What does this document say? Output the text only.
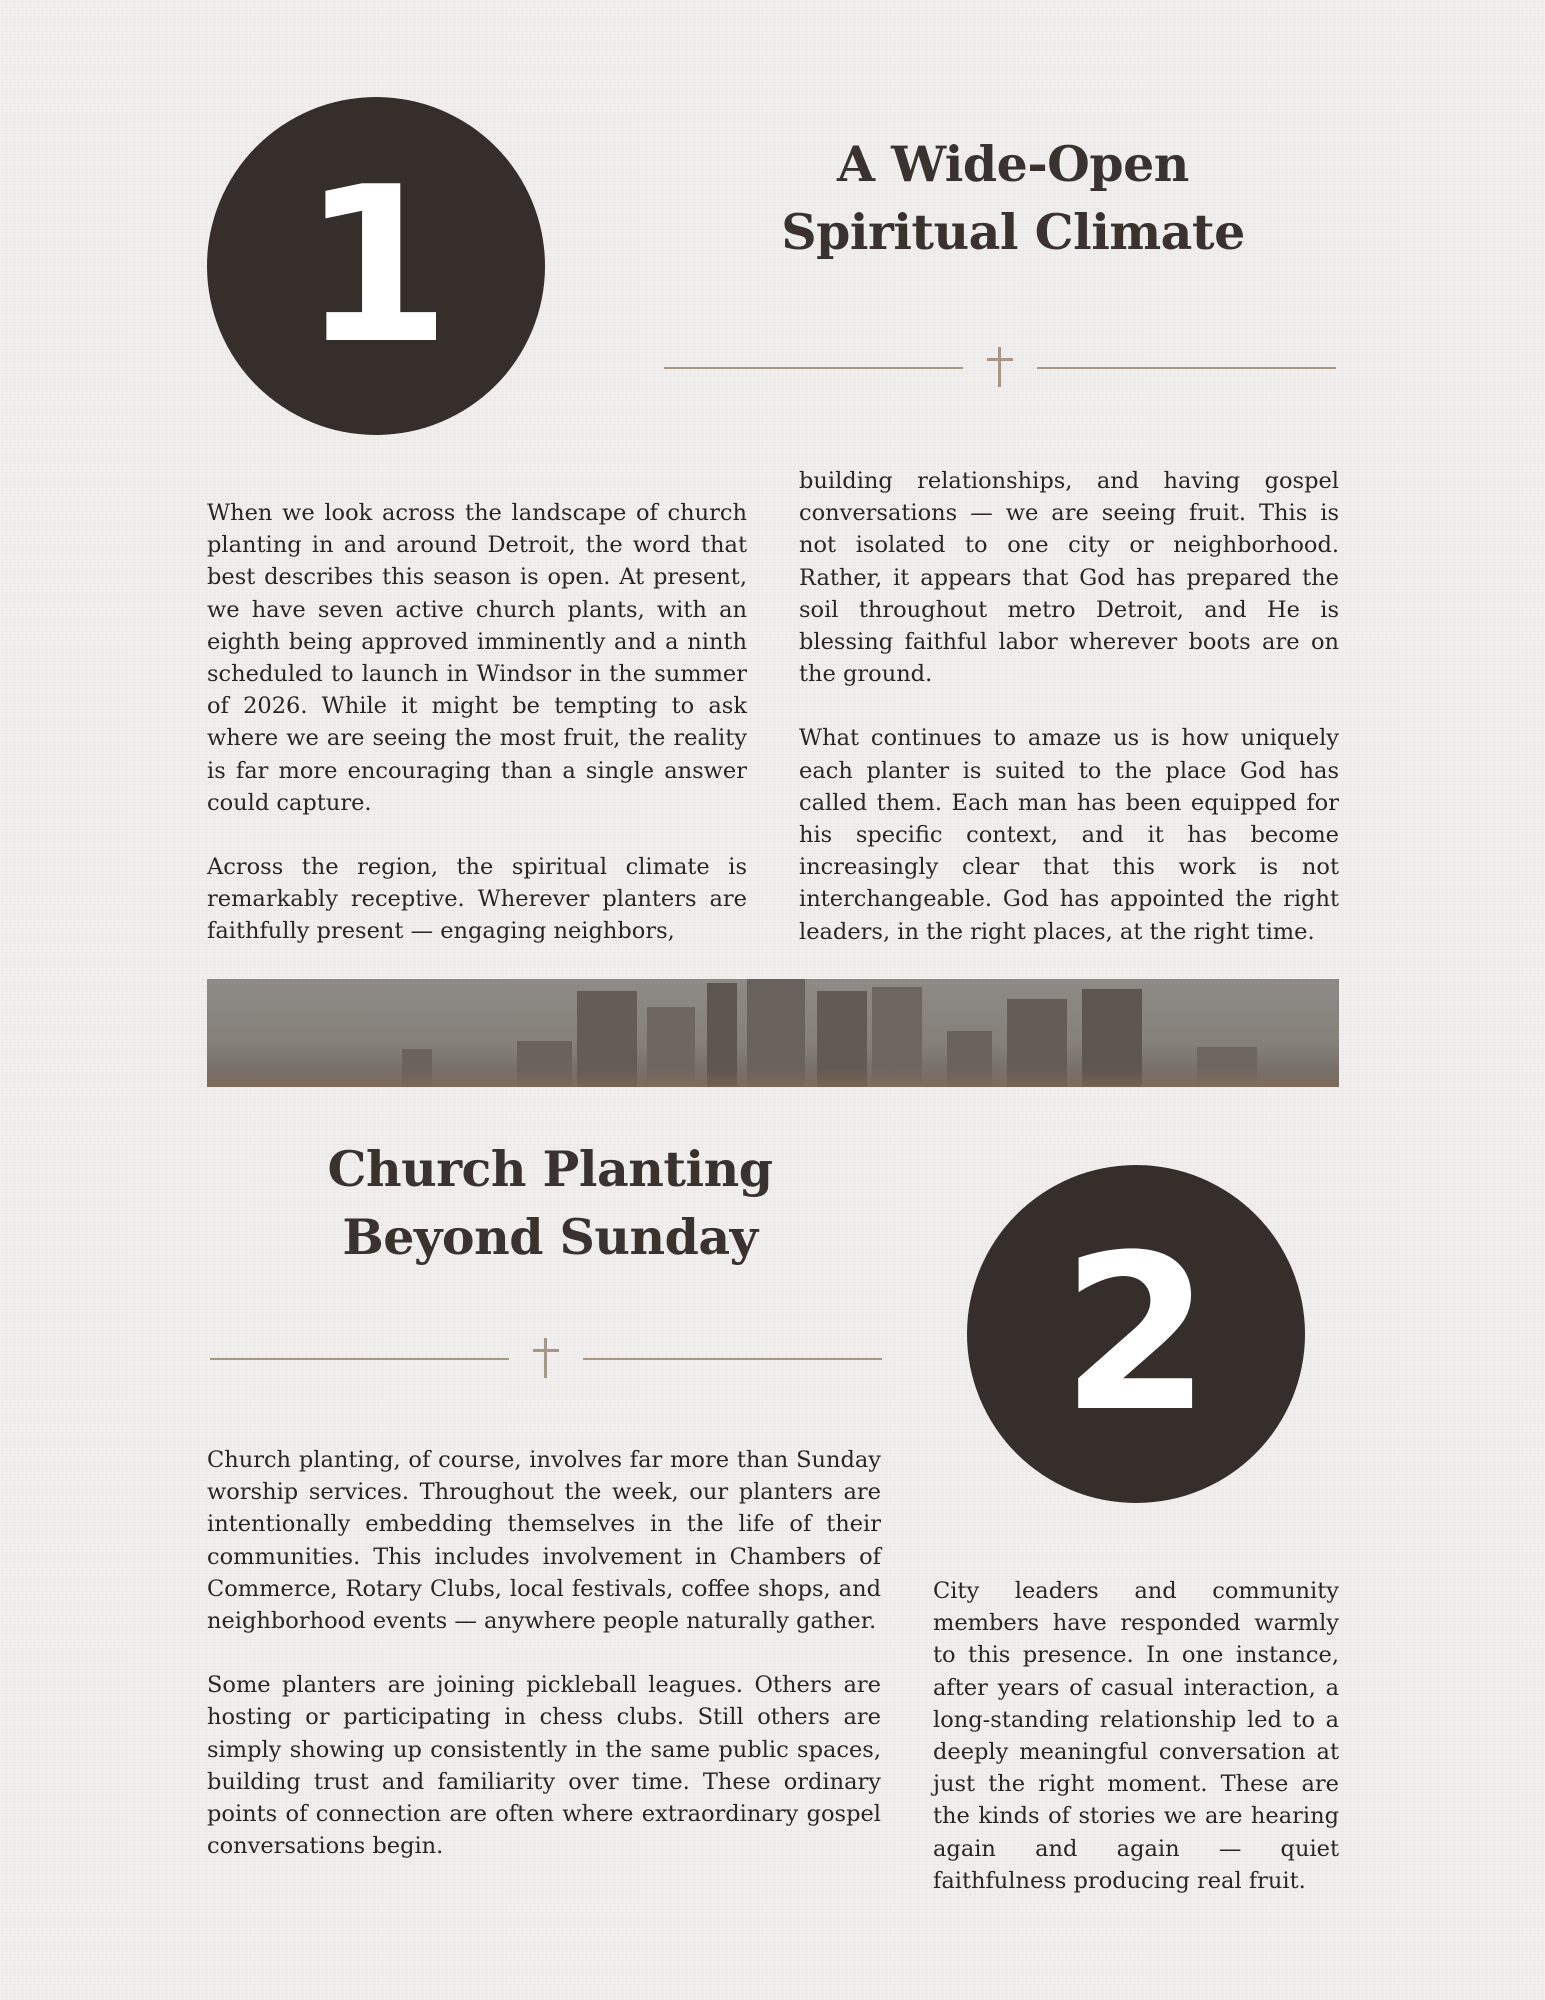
1	A Wide-Open
Spiritual Climate

When we look across the landscape of church planting in and around Detroit, the word that best describes this season is open. At present, we have seven active church plants, with an eighth being approved imminently and a ninth scheduled to launch in Windsor in the summer of 2026. While it might be tempting to ask where we are seeing the most fruit, the reality is far more encouraging than a single answer could capture.

Across the region, the spiritual climate is remarkably receptive. Wherever planters are faithfully present — engaging neighbors,

building relationships, and having gospel conversations — we are seeing fruit. This is not isolated to one city or neighborhood. Rather, it appears that God has prepared the soil throughout metro Detroit, and He is blessing faithful labor wherever boots are on the ground.

What continues to amaze us is how uniquely each planter is suited to the place God has called them. Each man has been equipped for his specific context, and it has become increasingly clear that this work is not interchangeable. God has appointed the right leaders, in the right places, at the right time.

Church Planting
Beyond Sunday	2

Church planting, of course, involves far more than Sunday worship services. Throughout the week, our planters are intentionally embedding themselves in the life of their communities. This includes involvement in Chambers of Commerce, Rotary Clubs, local festivals, coffee shops, and neighborhood events — anywhere people naturally gather.

Some planters are joining pickleball leagues. Others are hosting or participating in chess clubs. Still others are simply showing up consistently in the same public spaces, building trust and familiarity over time. These ordinary points of connection are often where extraordinary gospel conversations begin.

City leaders and community members have responded warmly to this presence. In one instance, after years of casual interaction, a long-standing relationship led to a deeply meaningful conversation at just the right moment. These are the kinds of stories we are hearing again and again — quiet faithfulness producing real fruit.
